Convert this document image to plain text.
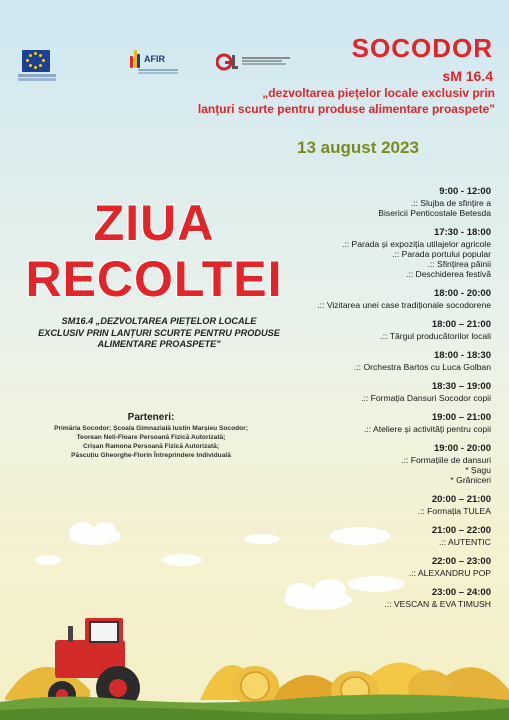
AFIR	SOCODOR
sM 16.4
„dezvoltarea piețelor locale exclusiv prin
lanțuri scurte pentru produse alimentare proaspete"
13 august 2023
ZIUA
RECOLTEI
SM16.4 „DEZVOLTAREA PIEȚELOR LOCALE EXCLUSIV PRIN LANȚURI SCURTE PENTRU PRODUSE ALIMENTARE PROASPETE"
Parteneri:
Primăria Socodor; Școala Gimnazială Iustin Marșieu Socodor;
Teorean Neli-Floare Persoană Fizică Autorizată;
Crișan Ramona Persoană Fizică Autorizată;
Păscuțiu Gheorghe-Florin Întreprindere Individuală
9:00 - 12:00
.:: Slujba de sfințire a
Bisericii Penticostale Betesda
17:30 - 18:00
.:: Parada și expoziția utilajelor agricole
.:: Parada portului popular
.:: Sfințirea pâinii
.:: Deschiderea festivă
18:00 - 20:00
.:: Vizitarea unei case tradiționale socodorene
18:00 – 21:00
.:: Târgul producătorilor locali
18:00 - 18:30
.:: Orchestra Bartos cu Luca Golban
18:30 – 19:00
.:: Formația Dansuri Socodor copii
19:00 – 21:00
.:: Ateliere și activități pentru copii
19:00 - 20:00
.:: Formațiile de dansuri
* Șagu
* Grăniceri
20:00 – 21:00
.:: Formația TULEA
21:00 – 22:00
.:: AUTENTIC
22:00 – 23:00
.:: ALEXANDRU POP
23:00 – 24:00
.:: VESCAN & EVA TIMUSH
